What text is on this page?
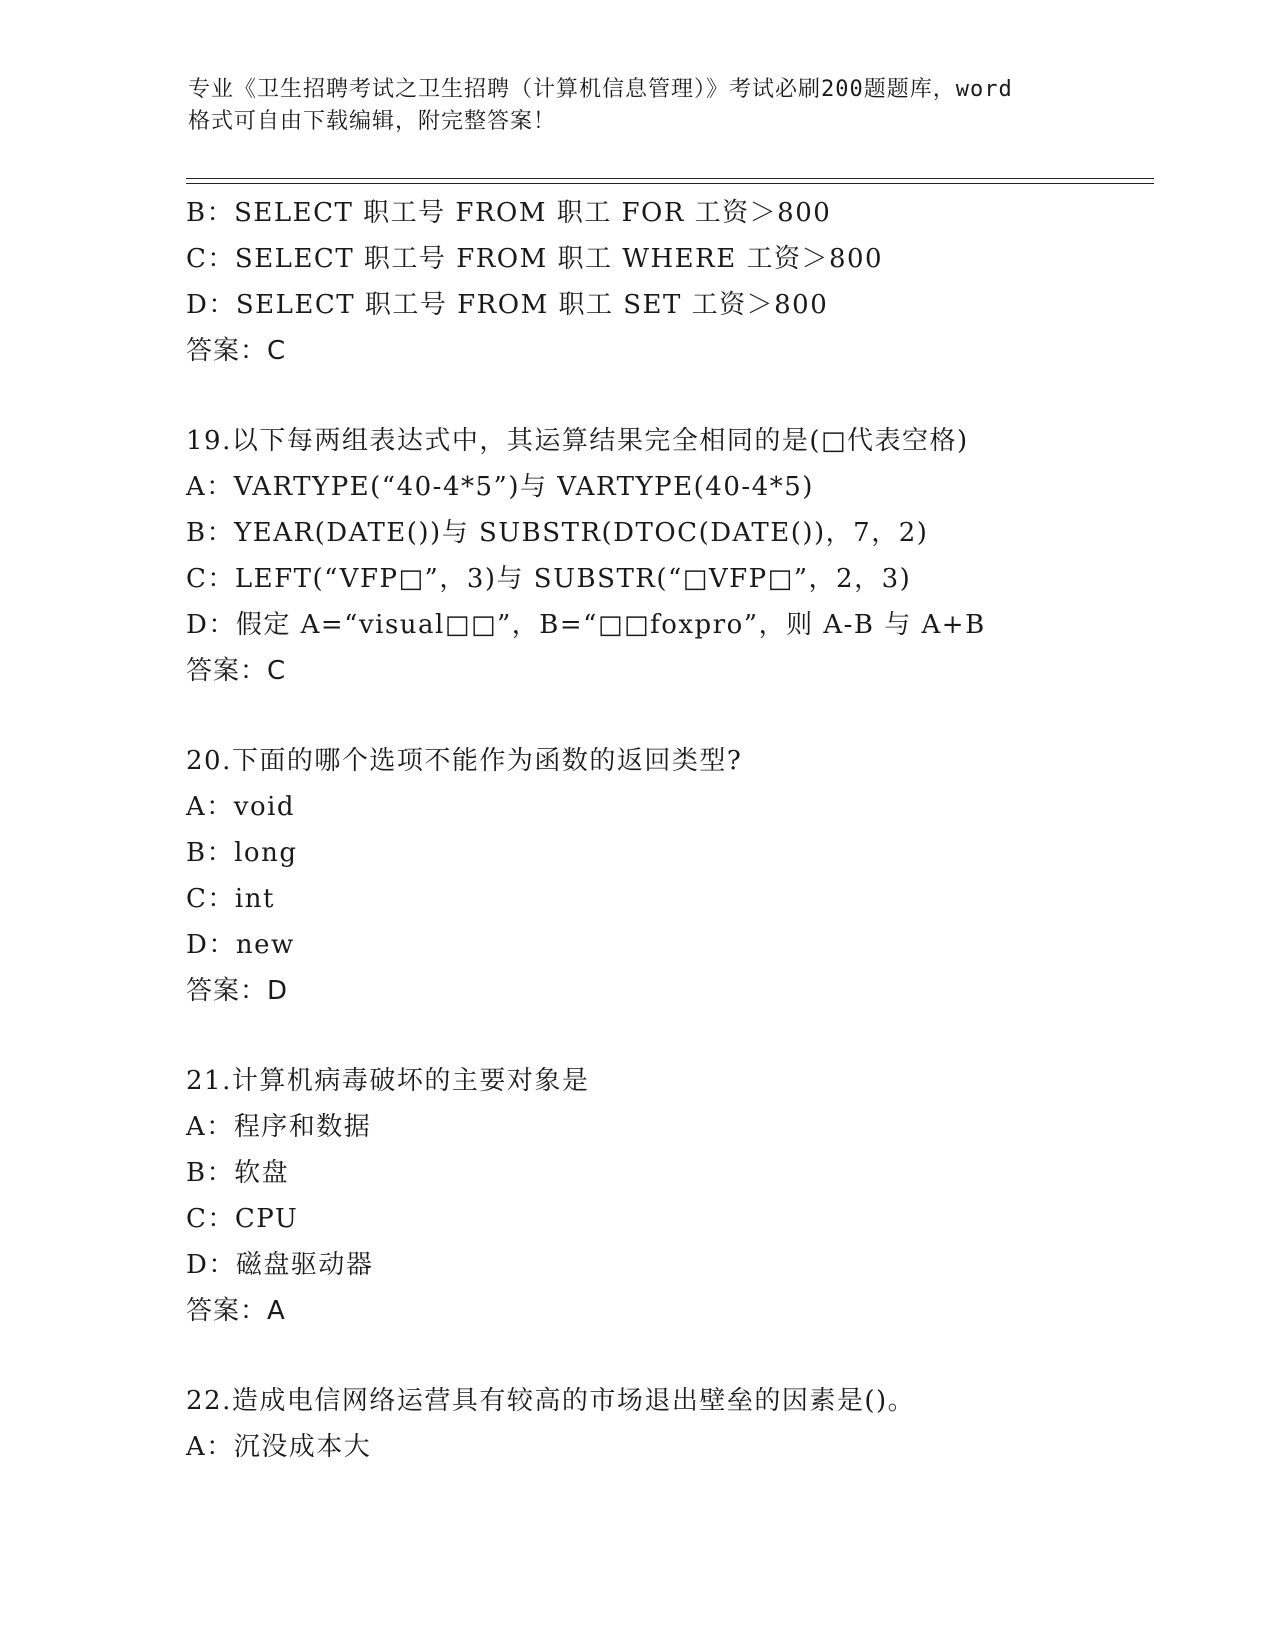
专业《卫生招聘考试之卫生招聘（计算机信息管理）》考试必刷200题题库，word
格式可自由下载编辑，附完整答案！
B：SELECT 职工号 FROM 职工 FOR 工资＞800
C：SELECT 职工号 FROM 职工 WHERE 工资＞800
D：SELECT 职工号 FROM 职工 SET 工资＞800
答案：C
19.以下每两组表达式中，其运算结果完全相同的是(□代表空格)
A：VARTYPE(“40-4*5”)与 VARTYPE(40-4*5)
B：YEAR(DATE())与 SUBSTR(DTOC(DATE())，7，2)
C：LEFT(“VFP□”，3)与 SUBSTR(“□VFP□”，2，3)
D：假定 A=“visual□□”，B=“□□foxpro”，则 A-B 与 A+B
答案：C
20.下面的哪个选项不能作为函数的返回类型?
A：void
B：long
C：int
D：new
答案：D
21.计算机病毒破坏的主要对象是
A：程序和数据
B：软盘
C：CPU
D：磁盘驱动器
答案：A
22.造成电信网络运营具有较高的市场退出壁垒的因素是()。
A：沉没成本大
